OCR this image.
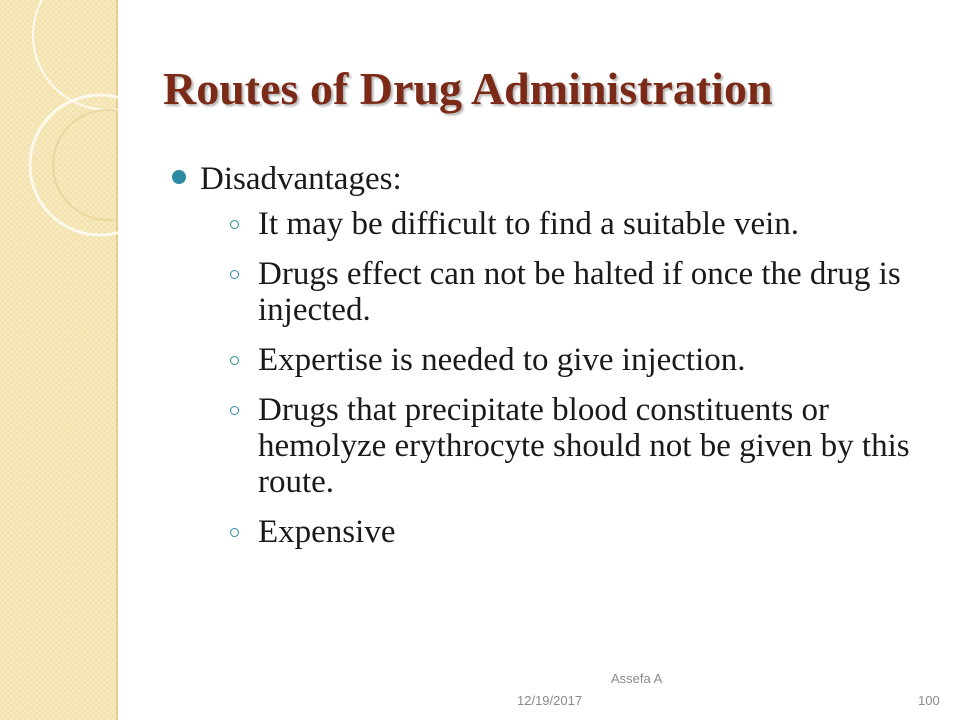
Routes of Drug Administration
Disadvantages:
It may be difficult to find a suitable vein.
Drugs effect can not be halted if once the drug is injected.
Expertise is needed to give injection.
Drugs that precipitate blood constituents or hemolyze erythrocyte should not be given by this route.
Expensive
Assefa A
12/19/2017	100
